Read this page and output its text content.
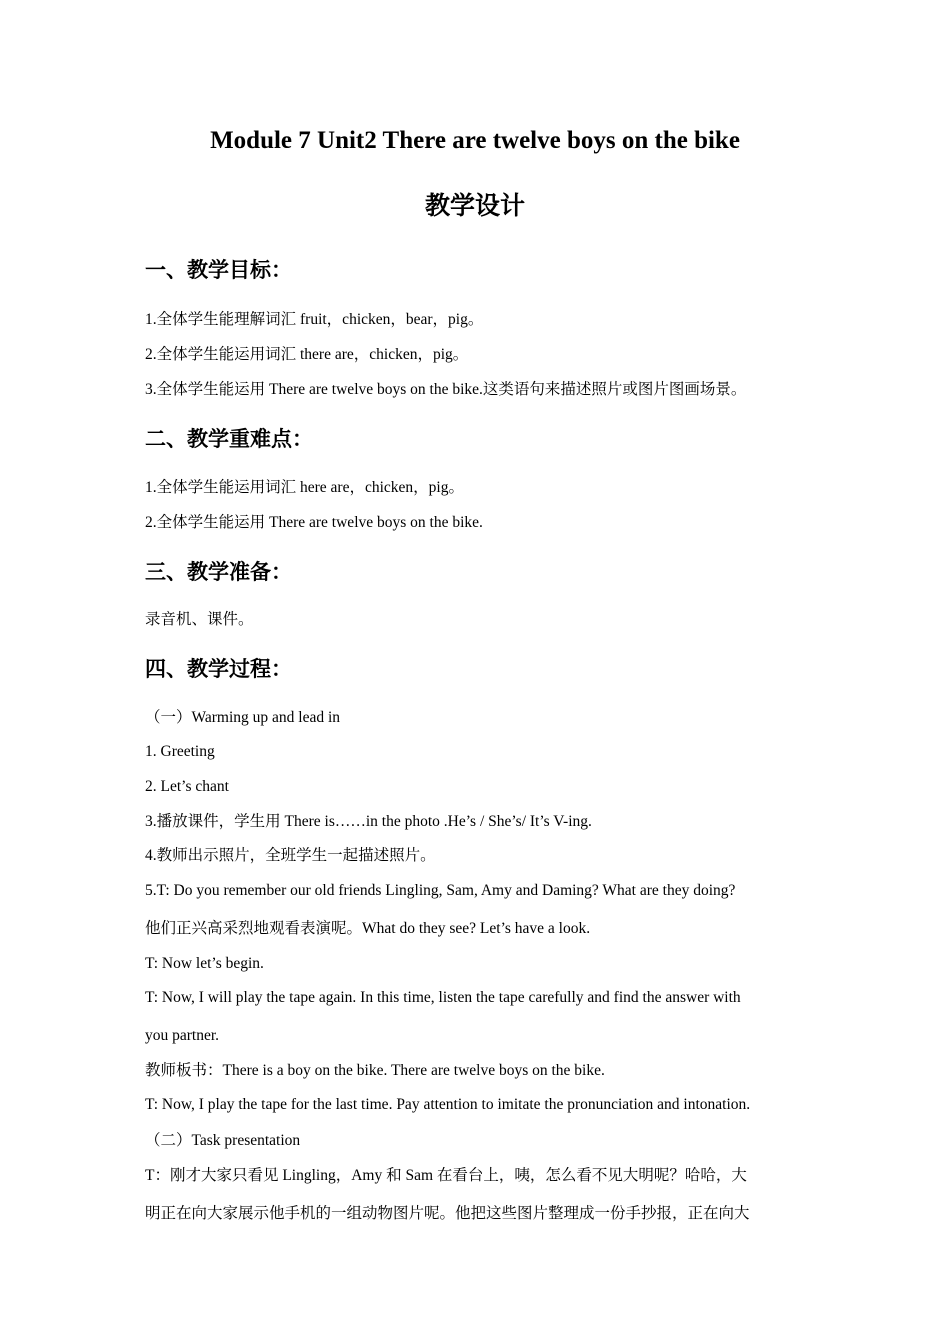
Module 7 Unit2 There are twelve boys on the bike
教学设计
一、教学目标：

1.全体学生能理解词汇 fruit，chicken，bear，pig。

2.全体学生能运用词汇 there are，chicken，pig。

3.全体学生能运用 There are twelve boys on the bike.这类语句来描述照片或图片图画场景。

二、教学重难点：

1.全体学生能运用词汇 here are，chicken，pig。

2.全体学生能运用 There are twelve boys on the bike.

三、教学准备：

录音机、课件。

四、教学过程：

（一）Warming up and lead in

1. Greeting

2. Let’s chant

3.播放课件，学生用 There is……in the photo .He’s / She’s/ It’s V-ing.

4.教师出示照片，全班学生一起描述照片。

5.T: Do you remember our old friends Lingling, Sam, Amy and Daming? What are they doing?

他们正兴高采烈地观看表演呢。What do they see? Let’s have a look.

T: Now let’s begin.

T: Now, I will play the tape again. In this time, listen the tape carefully and find the answer with

you partner.

教师板书：There is a boy on the bike. There are twelve boys on the bike.

T: Now, I play the tape for the last time. Pay attention to imitate the pronunciation and intonation.

（二）Task presentation

T：刚才大家只看见 Lingling，Amy 和 Sam 在看台上，咦，怎么看不见大明呢？哈哈，大

明正在向大家展示他手机的一组动物图片呢。他把这些图片整理成一份手抄报，正在向大
